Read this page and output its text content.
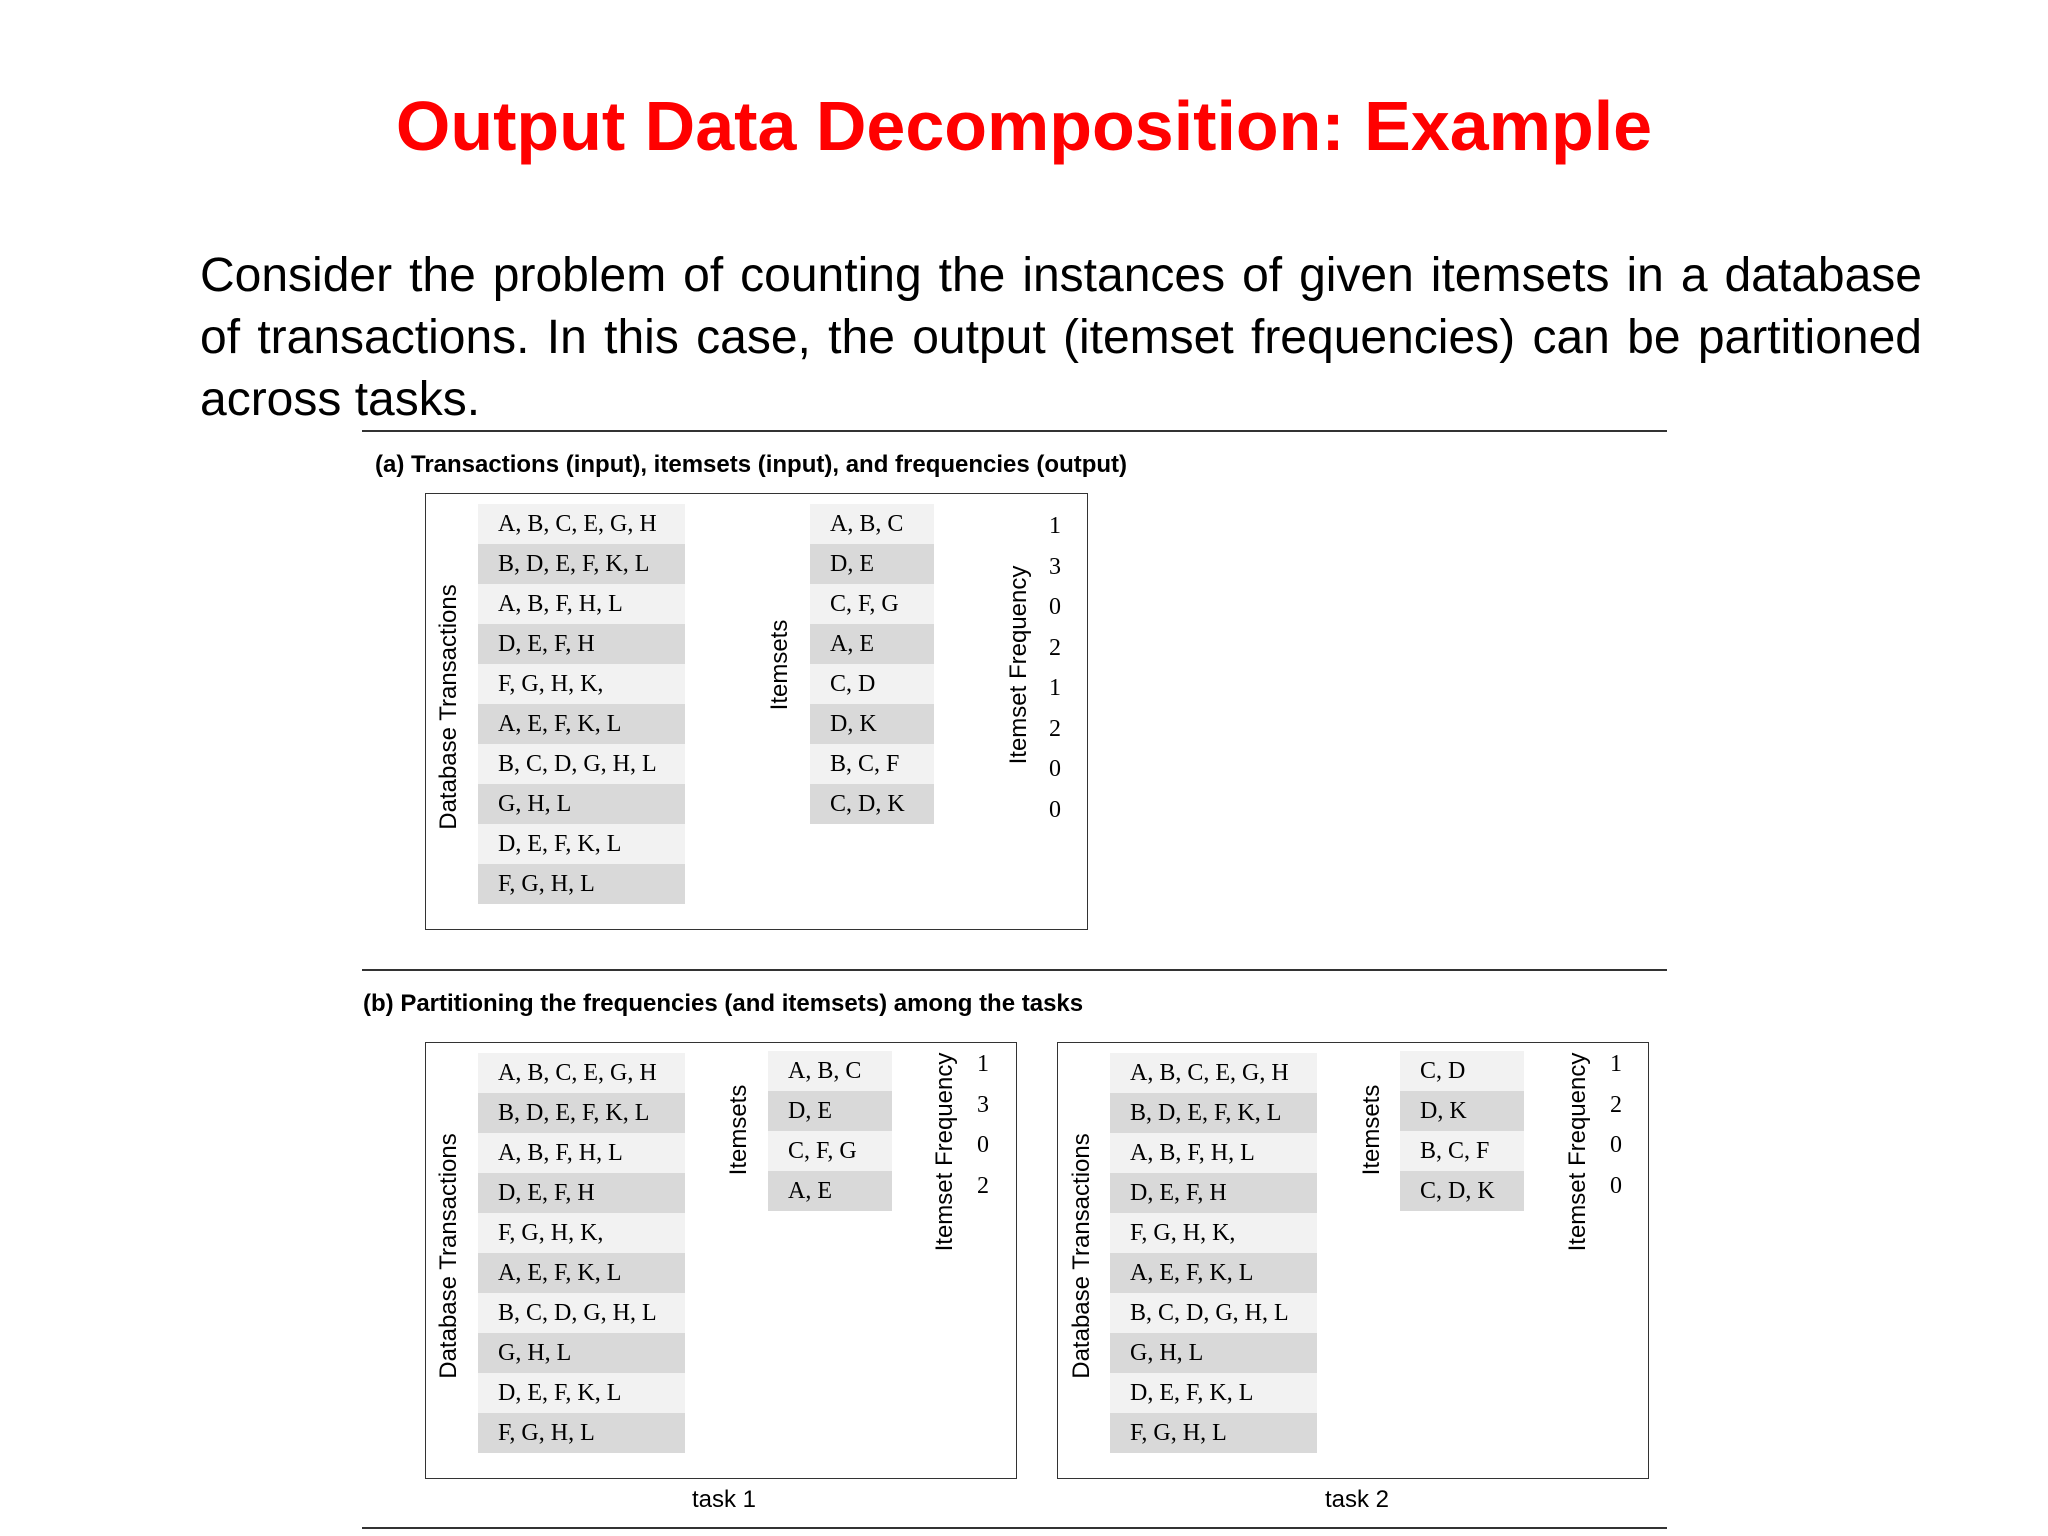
Output Data Decomposition: Example
Consider the problem of counting the instances of given itemsets in a database of transactions. In this case, the output (itemset frequencies) can be partitioned across tasks.
(a) Transactions (input), itemsets (input), and frequencies (output)
Database Transactions
A, B, C, E, G, H
B, D, E, F, K, L
A, B, F, H, L
D, E, F, H
F, G, H, K,
A, E, F, K, L
B, C, D, G, H, L
G, H, L
D, E, F, K, L
F, G, H, L
Itemsets
A, B, C
D, E
C, F, G
A, E
C, D
D, K
B, C, F
C, D, K
Itemset Frequency
1
3
0
2
1
2
0
0
(b) Partitioning the frequencies (and itemsets) among the tasks
Database Transactions
A, B, C, E, G, H
B, D, E, F, K, L
A, B, F, H, L
D, E, F, H
F, G, H, K,
A, E, F, K, L
B, C, D, G, H, L
G, H, L
D, E, F, K, L
F, G, H, L
Itemsets
A, B, C
D, E
C, F, G
A, E	Itemset Frequency 1
3
0
2
task 1
Database Transactions
A, B, C, E, G, H
B, D, E, F, K, L
A, B, F, H, L
D, E, F, H
F, G, H, K,
A, E, F, K, L
B, C, D, G, H, L
G, H, L
D, E, F, K, L
F, G, H, L
Itemsets
C, D
D, K
B, C, F
C, D, K	Itemset Frequency 1
2
0
0
task 2
